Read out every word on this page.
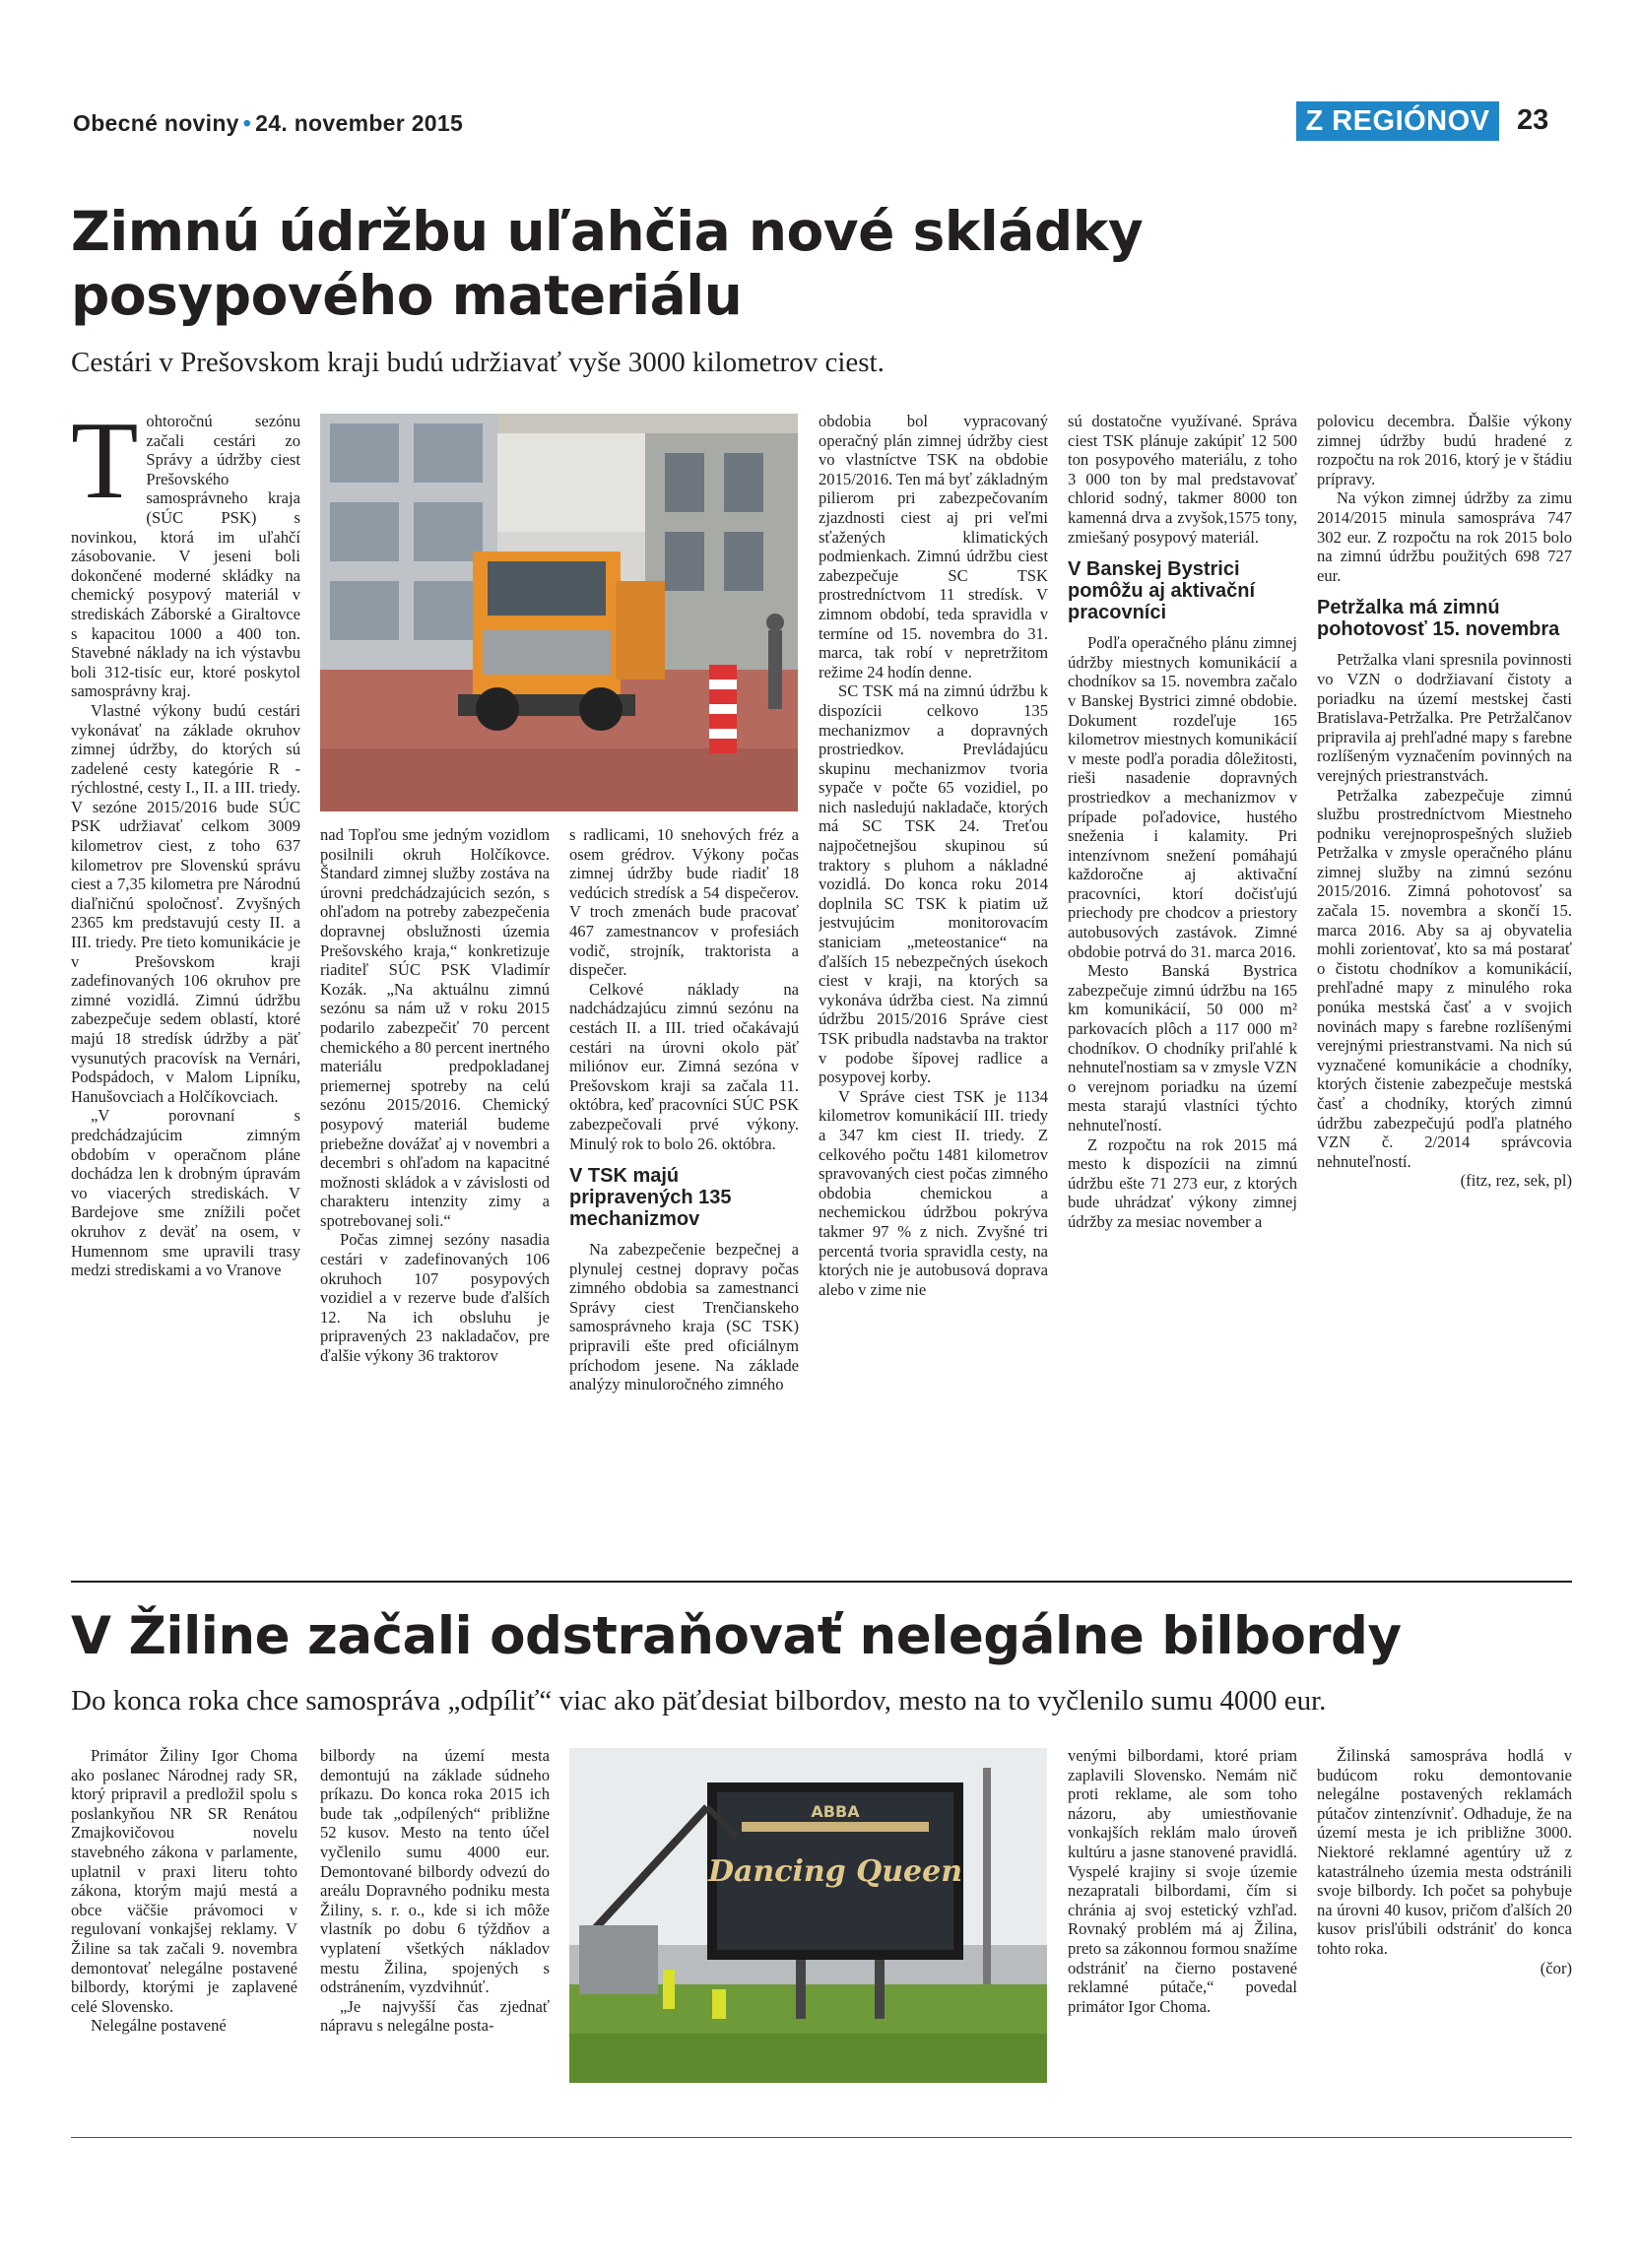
Obecné noviny • 24. november 2015	Z REGIÓNOV 23
Zimnú údržbu uľahčia nové skládky
posypového materiálu
Cestári v Prešovskom kraji budú udržiavať vyše 3000 kilometrov ciest.
T ohtoročnú sezónu začali cestári zo Správy a údržby ciest Prešovského samosprávneho kraja (SÚC PSK) s novinkou, ktorá im uľahčí zásobovanie. V jeseni boli dokončené moderné skládky na chemický posypový materiál v strediskách Záborské a Giraltovce s kapacitou 1000 a 400 ton. Stavebné náklady na ich výstavbu boli 312-tisíc eur, ktoré poskytol samosprávny kraj.

Vlastné výkony budú cestári vykonávať na základe okruhov zimnej údržby, do ktorých sú zadelené cesty kategórie R - rýchlostné, cesty I., II. a III. triedy. V sezóne 2015/2016 bude SÚC PSK udržiavať celkom 3009 kilometrov ciest, z toho 637 kilometrov pre Slovenskú správu ciest a 7,35 kilometra pre Národnú diaľničnú spoločnosť. Zvyšných 2365 km predstavujú cesty II. a III. triedy. Pre tieto komunikácie je v Prešovskom kraji zadefinovaných 106 okruhov pre zimné vozidlá. Zimnú údržbu zabezpečuje sedem oblastí, ktoré majú 18 stredísk údržby a päť vysunutých pracovísk na Vernári, Podspádoch, v Malom Lipníku, Hanušovciach a Holčíkovciach.

„V porovnaní s predchádzajúcim zimným obdobím v operačnom pláne dochádza len k drobným úpravám vo viacerých strediskách. V Bardejove sme znížili počet okruhov z deväť na osem, v Humennom sme upravili trasy medzi strediskami a vo Vranove

nad Topľou sme jedným vozidlom posilnili okruh Holčíkovce. Štandard zimnej služby zostáva na úrovni predchádzajúcich sezón, s ohľadom na potreby zabezpečenia dopravnej obslužnosti územia Prešovského kraja,“ konkretizuje riaditeľ SÚC PSK Vladimír Kozák. „Na aktuálnu zimnú sezónu sa nám už v roku 2015 podarilo zabezpečiť 70 percent chemického a 80 percent inertného materiálu predpokladanej priemernej spotreby na celú sezónu 2015/2016. Chemický posypový materiál budeme priebežne dovážať aj v novembri a decembri s ohľadom na kapacitné možnosti skládok a v závislosti od charakteru intenzity zimy a spotrebovanej soli.“

Počas zimnej sezóny nasadia cestári v zadefinovaných 106 okruhoch 107 posypových vozidiel a v rezerve bude ďalších 12. Na ich obsluhu je pripravených 23 nakladačov, pre ďalšie výkony 36 traktorov

s radlicami, 10 snehových fréz a osem grédrov. Výkony počas zimnej údržby bude riadiť 18 vedúcich stredísk a 54 dispečerov. V troch zmenách bude pracovať 467 zamestnancov v profesiách vodič, strojník, traktorista a dispečer.

Celkové náklady na nadchádzajúcu zimnú sezónu na cestách II. a III. tried očakávajú cestári na úrovni okolo päť miliónov eur. Zimná sezóna v Prešovskom kraji sa začala 11. októbra, keď pracovníci SÚC PSK zabezpečovali prvé výkony. Minulý rok to bolo 26. októbra.

V TSK majú pripravených 135 mechanizmov

Na zabezpečenie bezpečnej a plynulej cestnej dopravy počas zimného obdobia sa zamestnanci Správy ciest Trenčianskeho samosprávneho kraja (SC TSK) pripravili ešte pred oficiálnym príchodom jesene. Na základe analýzy minuloročného zimného

obdobia bol vypracovaný operačný plán zimnej údržby ciest vo vlastníctve TSK na obdobie 2015/2016. Ten má byť základným pilierom pri zabezpečovaním zjazdnosti ciest aj pri veľmi sťažených klimatických podmienkach. Zimnú údržbu ciest zabezpečuje SC TSK prostredníctvom 11 stredísk. V zimnom období, teda spravidla v termíne od 15. novembra do 31. marca, tak robí v nepretržitom režime 24 hodín denne.

SC TSK má na zimnú údržbu k dispozícii celkovo 135 mechanizmov a dopravných prostriedkov. Prevládajúcu skupinu mechanizmov tvoria sypače v počte 65 vozidiel, po nich nasledujú nakladače, ktorých má SC TSK 24. Treťou najpočetnejšou skupinou sú traktory s pluhom a nákladné vozidlá. Do konca roku 2014 doplnila SC TSK k piatim už jestvujúcim monitorovacím staniciam „meteostanice“ na ďalších 15 nebezpečných úsekoch ciest v kraji, na ktorých sa vykonáva údržba ciest. Na zimnú údržbu 2015/2016 Správe ciest TSK pribudla nadstavba na traktor v podobe šípovej radlice a posypovej korby.

V Správe ciest TSK je 1134 kilometrov komunikácií III. triedy a 347 km ciest II. triedy. Z celkového počtu 1481 kilometrov spravovaných ciest počas zimného obdobia chemickou a nechemickou údržbou pokrýva takmer 97 % z nich. Zvyšné tri percentá tvoria spravidla cesty, na ktorých nie je autobusová doprava alebo v zime nie

sú dostatočne využívané. Správa ciest TSK plánuje zakúpiť 12 500 ton posypového materiálu, z toho 3 000 ton by mal predstavovať chlorid sodný, takmer 8000 ton kamenná drva a zvyšok,1575 tony, zmiešaný posypový materiál.

V Banskej Bystrici pomôžu aj aktivační pracovníci

Podľa operačného plánu zimnej údržby miestnych komunikácií a chodníkov sa 15. novembra začalo v Banskej Bystrici zimné obdobie. Dokument rozdeľuje 165 kilometrov miestnych komunikácií v meste podľa poradia dôležitosti, rieši nasadenie dopravných prostriedkov a mechanizmov v prípade poľadovice, hustého sneženia i kalamity. Pri intenzívnom snežení pomáhajú každoročne aj aktivační pracovníci, ktorí dočisťujú priechody pre chodcov a priestory autobusových zastávok. Zimné obdobie potrvá do 31. marca 2016.

Mesto Banská Bystrica zabezpečuje zimnú údržbu na 165 km komunikácií, 50 000 m² parkovacích plôch a 117 000 m² chodníkov. O chodníky priľahlé k nehnuteľnostiam sa v zmysle VZN o verejnom poriadku na území mesta starajú vlastníci týchto nehnuteľností.

Z rozpočtu na rok 2015 má mesto k dispozícii na zimnú údržbu ešte 71 273 eur, z ktorých bude uhrádzať výkony zimnej údržby za mesiac november a

polovicu decembra. Ďalšie výkony zimnej údržby budú hradené z rozpočtu na rok 2016, ktorý je v štádiu prípravy.

Na výkon zimnej údržby za zimu 2014/2015 minula samospráva 747 302 eur. Z rozpočtu na rok 2015 bolo na zimnú údržbu použitých 698 727 eur.

Petržalka má zimnú pohotovosť 15. novembra

Petržalka vlani spresnila povinnosti vo VZN o dodržiavaní čistoty a poriadku na území mestskej časti Bratislava-Petržalka. Pre Petržalčanov pripravila aj prehľadné mapy s farebne rozlíšeným vyznačením povinných na verejných priestranstvách.

Petržalka zabezpečuje zimnú službu prostredníctvom Miestneho podniku verejnoprospešných služieb Petržalka v zmysle operačného plánu zimnej služby na zimnú sezónu 2015/2016. Zimná pohotovosť sa začala 15. novembra a skončí 15. marca 2016. Aby sa aj obyvatelia mohli zorientovať, kto sa má postarať o čistotu chodníkov a komunikácií, prehľadné mapy z minulého roka ponúka mestská časť a v svojich novinách mapy s farebne rozlíšenými verejnými priestranstvami. Na nich sú vyznačené komunikácie a chodníky, ktorých čistenie zabezpečuje mestská časť a chodníky, ktorých zimnú údržbu zabezpečujú podľa platného VZN č. 2/2014 správcovia nehnuteľností.

(fitz, rez, sek, pl)

V Žiline začali odstraňovať nelegálne bilbordy
Do konca roka chce samospráva „odpíliť“ viac ako päťdesiat bilbordov, mesto na to vyčlenilo sumu 4000 eur.

Primátor Žiliny Igor Choma ako poslanec Národnej rady SR, ktorý pripravil a predložil spolu s poslankyňou NR SR Renátou Zmajkovičovou novelu stavebného zákona v parlamente, uplatnil v praxi literu tohto zákona, ktorým majú mestá a obce väčšie právomoci v regulovaní vonkajšej reklamy. V Žiline sa tak začali 9. novembra demontovať nelegálne postavené bilbordy, ktorými je zaplavené celé Slovensko.

Nelegálne postavené

bilbordy na území mesta demontujú na základe súdneho príkazu. Do konca roka 2015 ich bude tak „odpílených“ približne 52 kusov. Mesto na tento účel vyčlenilo sumu 4000 eur. Demontované bilbordy odvezú do areálu Dopravného podniku mesta Žiliny, s. r. o., kde si ich môže vlastník po dobu 6 týždňov a vyplatení všetkých nákladov mestu Žilina, spojených s odstránením, vyzdvihnúť.

„Je najvyšší čas zjednať nápravu s nelegálne posta-

ABBA
Dancing Queen

venými bilbordami, ktoré priam zaplavili Slovensko. Nemám nič proti reklame, ale som toho názoru, aby umiestňovanie vonkajších reklám malo úroveň kultúru a jasne stanovené pravidlá. Vyspelé krajiny si svoje územie nezapratali bilbordami, čím si chránia aj svoj estetický vzhľad. Rovnaký problém má aj Žilina, preto sa zákonnou formou snažíme odstrániť na čierno postavené reklamné pútače,“ povedal primátor Igor Choma.

Žilinská samospráva hodlá v budúcom roku demontovanie nelegálne postavených reklamách pútačov zintenzívniť. Odhaduje, že na území mesta je ich približne 3000. Niektoré reklamné agentúry už z katastrálneho územia mesta odstránili svoje bilbordy. Ich počet sa pohybuje na úrovni 40 kusov, pričom ďalších 20 kusov prisľúbili odstrániť do konca tohto roka.

(čor)
